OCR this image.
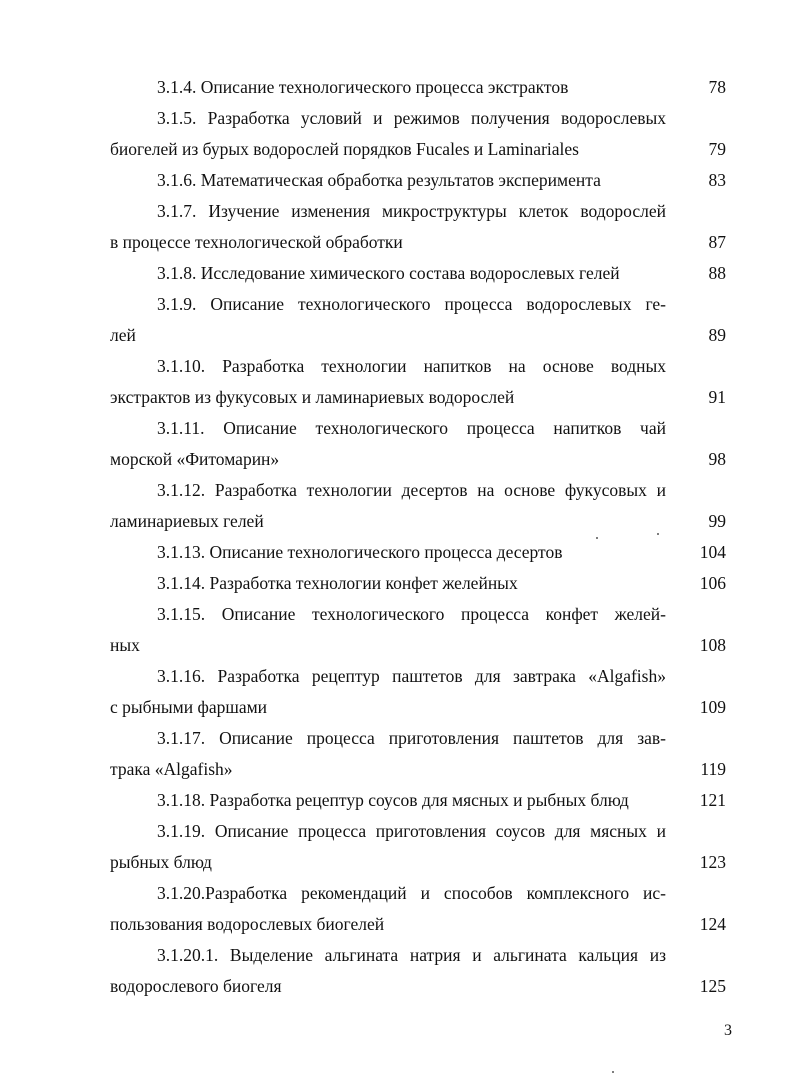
3.1.4. Описание технологического процесса экстрактов	78
3.1.5. Разработка условий и режимов получения водорослевых
биогелей из бурых водорослей порядков Fucales и Laminariales	79
3.1.6. Математическая обработка результатов эксперимента	83
3.1.7. Изучение изменения микроструктуры клеток водорослей
в процессе технологической обработки	87
3.1.8. Исследование химического состава водорослевых гелей	88
3.1.9. Описание технологического процесса водорослевых ге-
лей	89
3.1.10. Разработка технологии напитков на основе водных
экстрактов из фукусовых и ламинариевых водорослей	91
3.1.11. Описание технологического процесса напитков чай
морской «Фитомарин»	98
3.1.12. Разработка технологии десертов на основе фукусовых и
ламинариевых гелей	99
3.1.13. Описание технологического процесса десертов	104
3.1.14. Разработка технологии конфет желейных	106
3.1.15. Описание технологического процесса конфет желей-
ных	108
3.1.16. Разработка рецептур паштетов для завтрака «Algafish»
с рыбными фаршами	109
3.1.17. Описание процесса приготовления паштетов для зав-
трака «Algafish»	119
3.1.18. Разработка рецептур соусов для мясных и рыбных блюд	121
3.1.19. Описание процесса приготовления соусов для мясных и
рыбных блюд	123
3.1.20.Разработка рекомендаций и способов комплексного ис-
пользования водорослевых биогелей	124
3.1.20.1. Выделение альгината натрия и альгината кальция из
водорослевого биогеля	125
3
